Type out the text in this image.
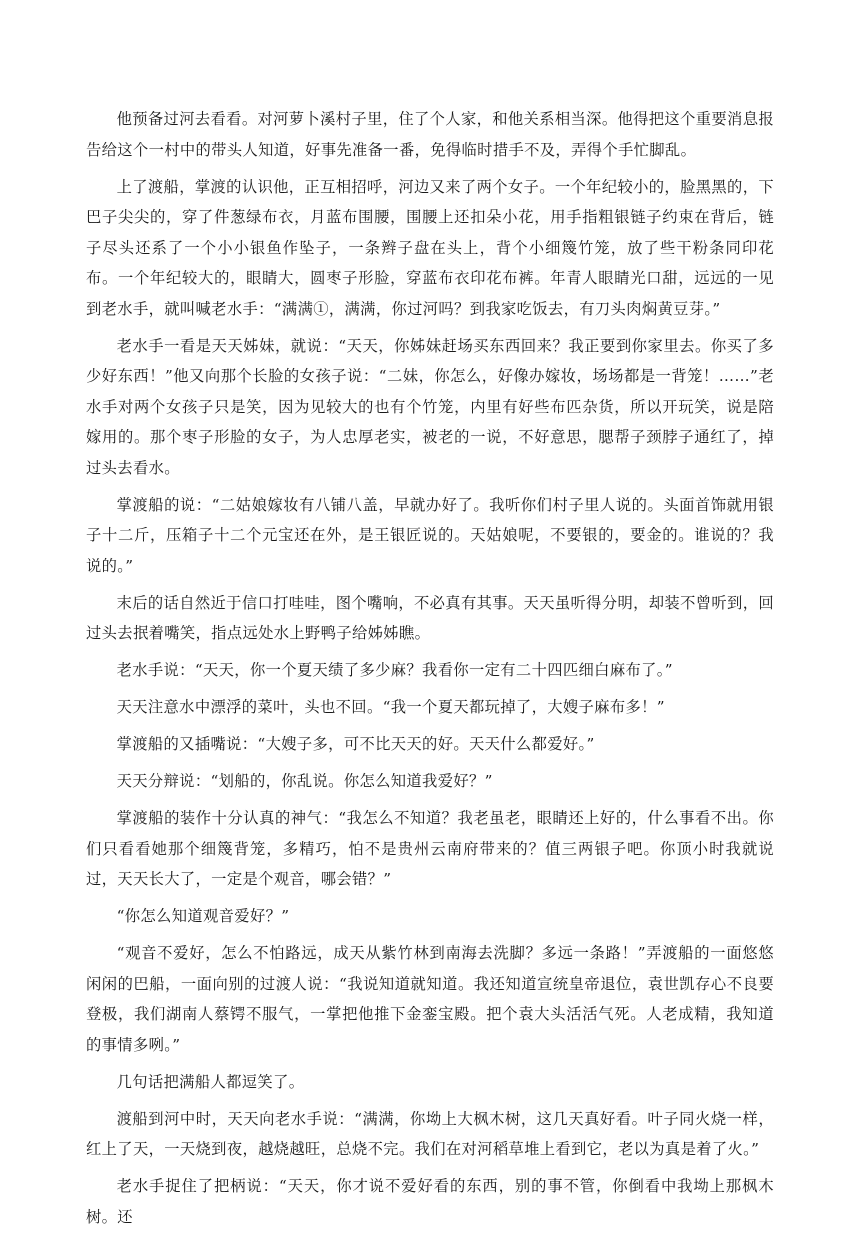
他预备过河去看看。对河萝卜溪村子里，住了个人家，和他关系相当深。他得把这个重要消息报告给这个一村中的带头人知道，好事先准备一番，免得临时措手不及，弄得个手忙脚乱。

上了渡船，掌渡的认识他，正互相招呼，河边又来了两个女子。一个年纪较小的，脸黑黑的，下巴子尖尖的，穿了件葱绿布衣，月蓝布围腰，围腰上还扣朵小花，用手指粗银链子约束在背后，链子尽头还系了一个小小银鱼作坠子，一条辫子盘在头上，背个小细篾竹笼，放了些干粉条同印花布。一个年纪较大的，眼睛大，圆枣子形脸，穿蓝布衣印花布裤。年青人眼睛光口甜，远远的一见到老水手，就叫喊老水手：“满满①，满满，你过河吗？到我家吃饭去，有刀头肉焖黄豆芽。”

老水手一看是天天姊妹，就说：“天天，你姊妹赶场买东西回来？我正要到你家里去。你买了多少好东西！”他又向那个长脸的女孩子说：“二妹，你怎么，好像办嫁妆，场场都是一背笼！……”老水手对两个女孩子只是笑，因为见较大的也有个竹笼，内里有好些布匹杂货，所以开玩笑，说是陪嫁用的。那个枣子形脸的女子，为人忠厚老实，被老的一说，不好意思，腮帮子颈脖子通红了，掉过头去看水。

掌渡船的说：“二姑娘嫁妆有八铺八盖，早就办好了。我听你们村子里人说的。头面首饰就用银子十二斤，压箱子十二个元宝还在外，是王银匠说的。天姑娘呢，不要银的，要金的。谁说的？我说的。”

末后的话自然近于信口打哇哇，图个嘴响，不必真有其事。天天虽听得分明，却装不曾听到，回过头去抿着嘴笑，指点远处水上野鸭子给姊姊瞧。

老水手说：“天天，你一个夏天绩了多少麻？我看你一定有二十四匹细白麻布了。”

天天注意水中漂浮的菜叶，头也不回。“我一个夏天都玩掉了，大嫂子麻布多！”

掌渡船的又插嘴说：“大嫂子多，可不比天天的好。天天什么都爱好。”

天天分辩说：“划船的，你乱说。你怎么知道我爱好？”

掌渡船的装作十分认真的神气：“我怎么不知道？我老虽老，眼睛还上好的，什么事看不出。你们只看看她那个细篾背笼，多精巧，怕不是贵州云南府带来的？值三两银子吧。你顶小时我就说过，天天长大了，一定是个观音，哪会错？”

“你怎么知道观音爱好？”

“观音不爱好，怎么不怕路远，成天从紫竹林到南海去洗脚？多远一条路！”弄渡船的一面悠悠闲闲的巴船，一面向别的过渡人说：“我说知道就知道。我还知道宣统皇帝退位，袁世凯存心不良要登极，我们湖南人蔡锷不服气，一掌把他推下金銮宝殿。把个袁大头活活气死。人老成精，我知道的事情多咧。”

几句话把满船人都逗笑了。

渡船到河中时，天天向老水手说：“满满，你坳上大枫木树，这几天真好看。叶子同火烧一样，红上了天，一天烧到夜，越烧越旺，总烧不完。我们在对河稻草堆上看到它，老以为真是着了火。”

老水手捉住了把柄说：“天天，你才说不爱好看的东西，别的事不管，你倒看中我坳上那枫木树。还
